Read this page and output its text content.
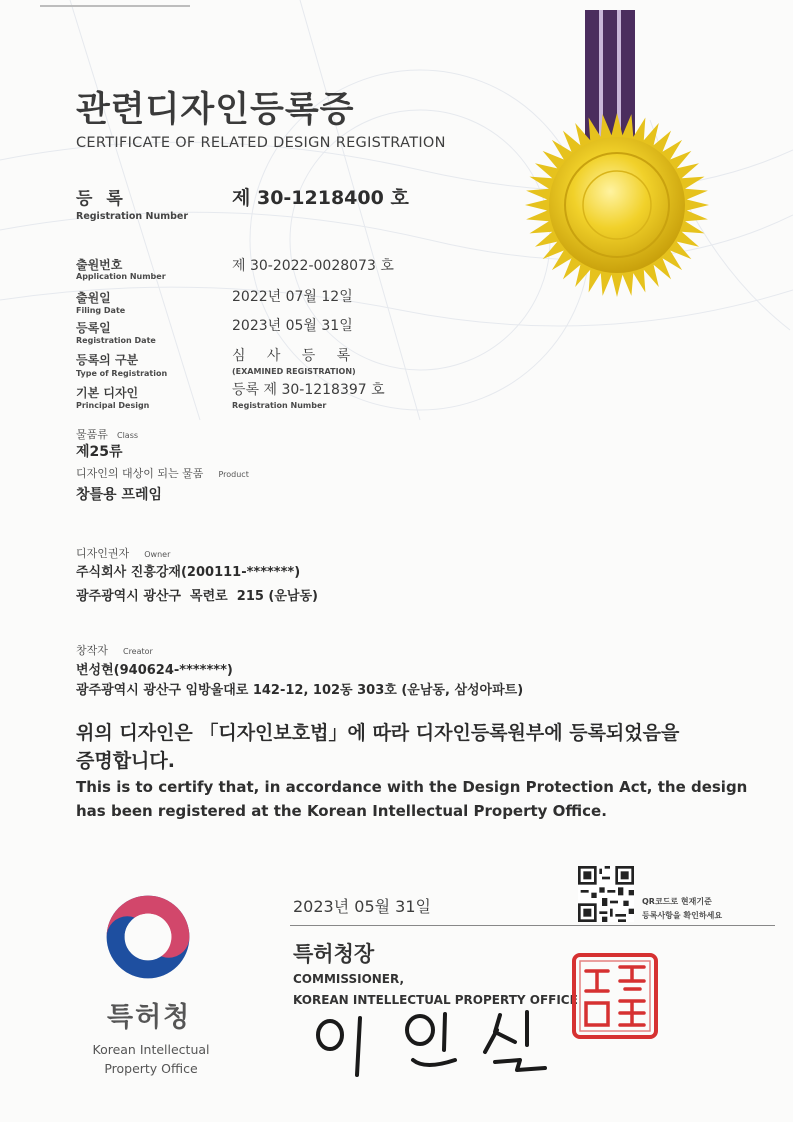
관련디자인등록증
CERTIFICATE OF RELATED DESIGN REGISTRATION
등 록
Registration Number
제 30-1218400 호
출원번호
Application Number
제 30-2022-0028073 호
출원일
Filing Date
2022년 07월 12일
등록일
Registration Date
2023년 05월 31일
등록의 구분
Type of Registration
심   사   등   록
(EXAMINED REGISTRATION)
기본 디자인
Principal Design
등록 제 30-1218397 호
Registration Number
물품류 Class
제25류
디자인의 대상이 되는 물품 Product
창틀용 프레임
디자인권자 Owner
주식회사 진흥강재(200111-*******)
광주광역시 광산구  목련로  215 (운남동)
창작자 Creator
변성현(940624-*******)
광주광역시 광산구 임방울대로 142-12, 102동 303호 (운남동, 삼성아파트)
위의 디자인은 「디자인보호법」에 따라 디자인등록원부에 등록되었음을
증명합니다.
This is to certify that, in accordance with the Design Protection Act, the design
has been registered at the Korean Intellectual Property Office.
특허청
Korean Intellectual
Property Office
2023년 05월 31일	QR코드로 현재기준
등록사항을 확인하세요
특허청장
COMMISSIONER,
KOREAN INTELLECTUAL PROPERTY OFFICE
